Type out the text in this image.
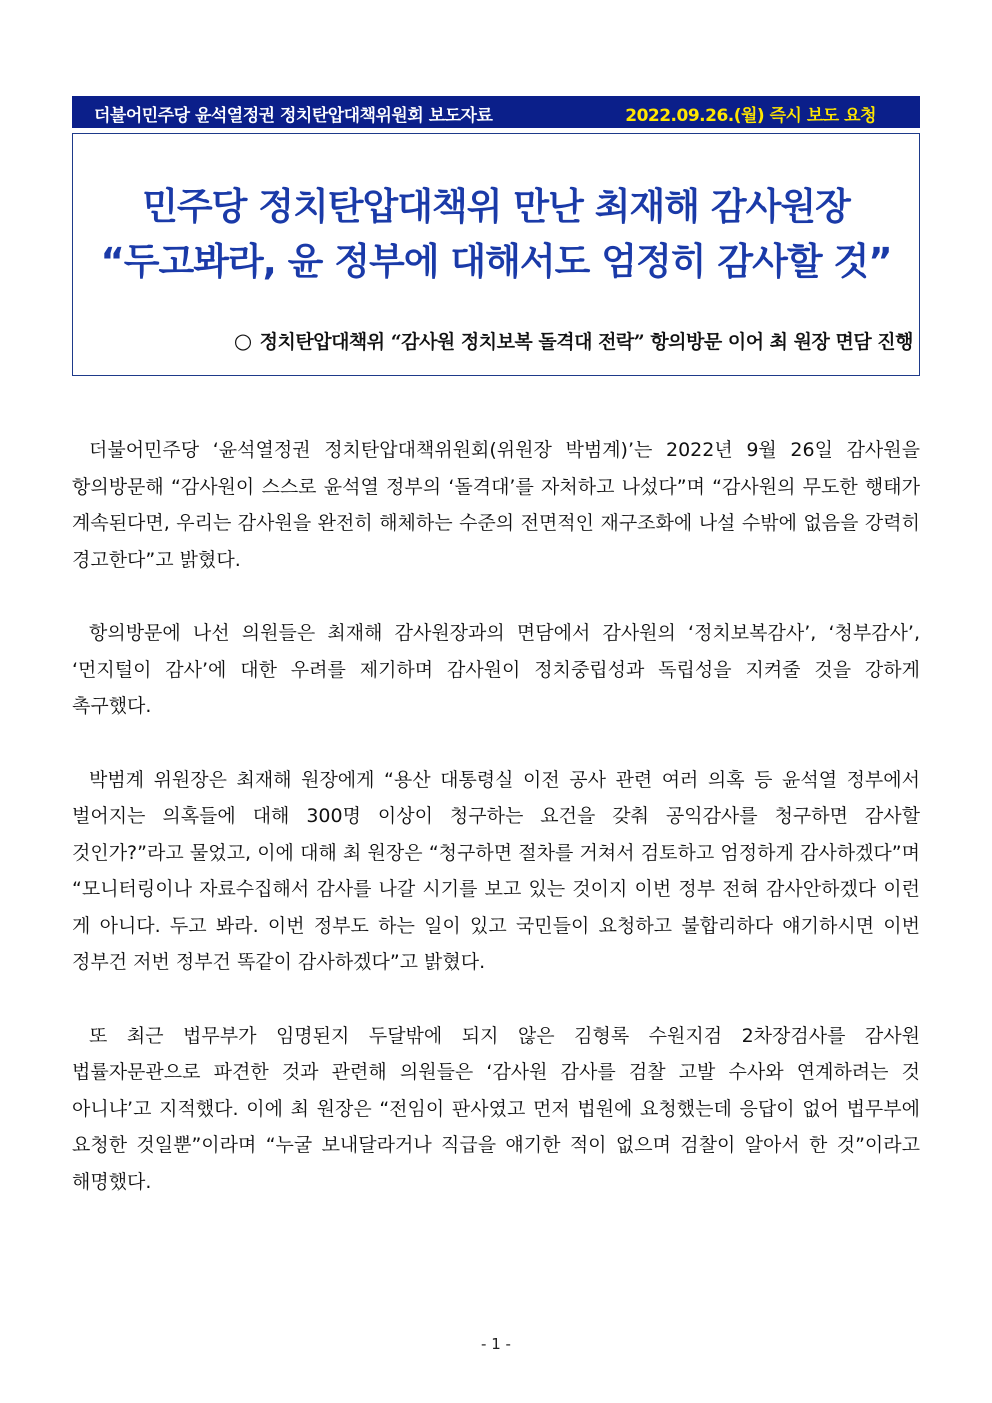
더불어민주당 윤석열정권 정치탄압대책위원회 보도자료	2022.09.26.(월) 즉시 보도 요청
민주당 정치탄압대책위 만난 최재해 감사원장
“두고봐라, 윤 정부에 대해서도 엄정히 감사할 것”
○ 정치탄압대책위 “감사원 정치보복 돌격대 전락” 항의방문 이어 최 원장 면담 진행

더불어민주당 ‘윤석열정권 정치탄압대책위원회(위원장 박범계)’는 2022년 9월 26일 감사원을 항의방문해 “감사원이 스스로 윤석열 정부의 ‘돌격대’를 자처하고 나섰다”며 “감사원의 무도한 행태가 계속된다면, 우리는 감사원을 완전히 해체하는 수준의 전면적인 재구조화에 나설 수밖에 없음을 강력히 경고한다”고 밝혔다.

항의방문에 나선 의원들은 최재해 감사원장과의 면담에서 감사원의 ‘정치보복감사’, ‘청부감사’, ‘먼지털이 감사’에 대한 우려를 제기하며 감사원이 정치중립성과 독립성을 지켜줄 것을 강하게 촉구했다.

박범계 위원장은 최재해 원장에게 “용산 대통령실 이전 공사 관련 여러 의혹 등 윤석열 정부에서 벌어지는 의혹들에 대해 300명 이상이 청구하는 요건을 갖춰 공익감사를 청구하면 감사할 것인가?”라고 물었고, 이에 대해 최 원장은 “청구하면 절차를 거쳐서 검토하고 엄정하게 감사하겠다”며 “모니터링이나 자료수집해서 감사를 나갈 시기를 보고 있는 것이지 이번 정부 전혀 감사안하겠다 이런 게 아니다. 두고 봐라. 이번 정부도 하는 일이 있고 국민들이 요청하고 불합리하다 얘기하시면 이번 정부건 저번 정부건 똑같이 감사하겠다”고 밝혔다.

또 최근 법무부가 임명된지 두달밖에 되지 않은 김형록 수원지검 2차장검사를 감사원 법률자문관으로 파견한 것과 관련해 의원들은 ‘감사원 감사를 검찰 고발 수사와 연계하려는 것 아니냐’고 지적했다. 이에 최 원장은 “전임이 판사였고 먼저 법원에 요청했는데 응답이 없어 법무부에 요청한 것일뿐”이라며 “누굴 보내달라거나 직급을 얘기한 적이 없으며 검찰이 알아서 한 것”이라고 해명했다.

- 1 -
